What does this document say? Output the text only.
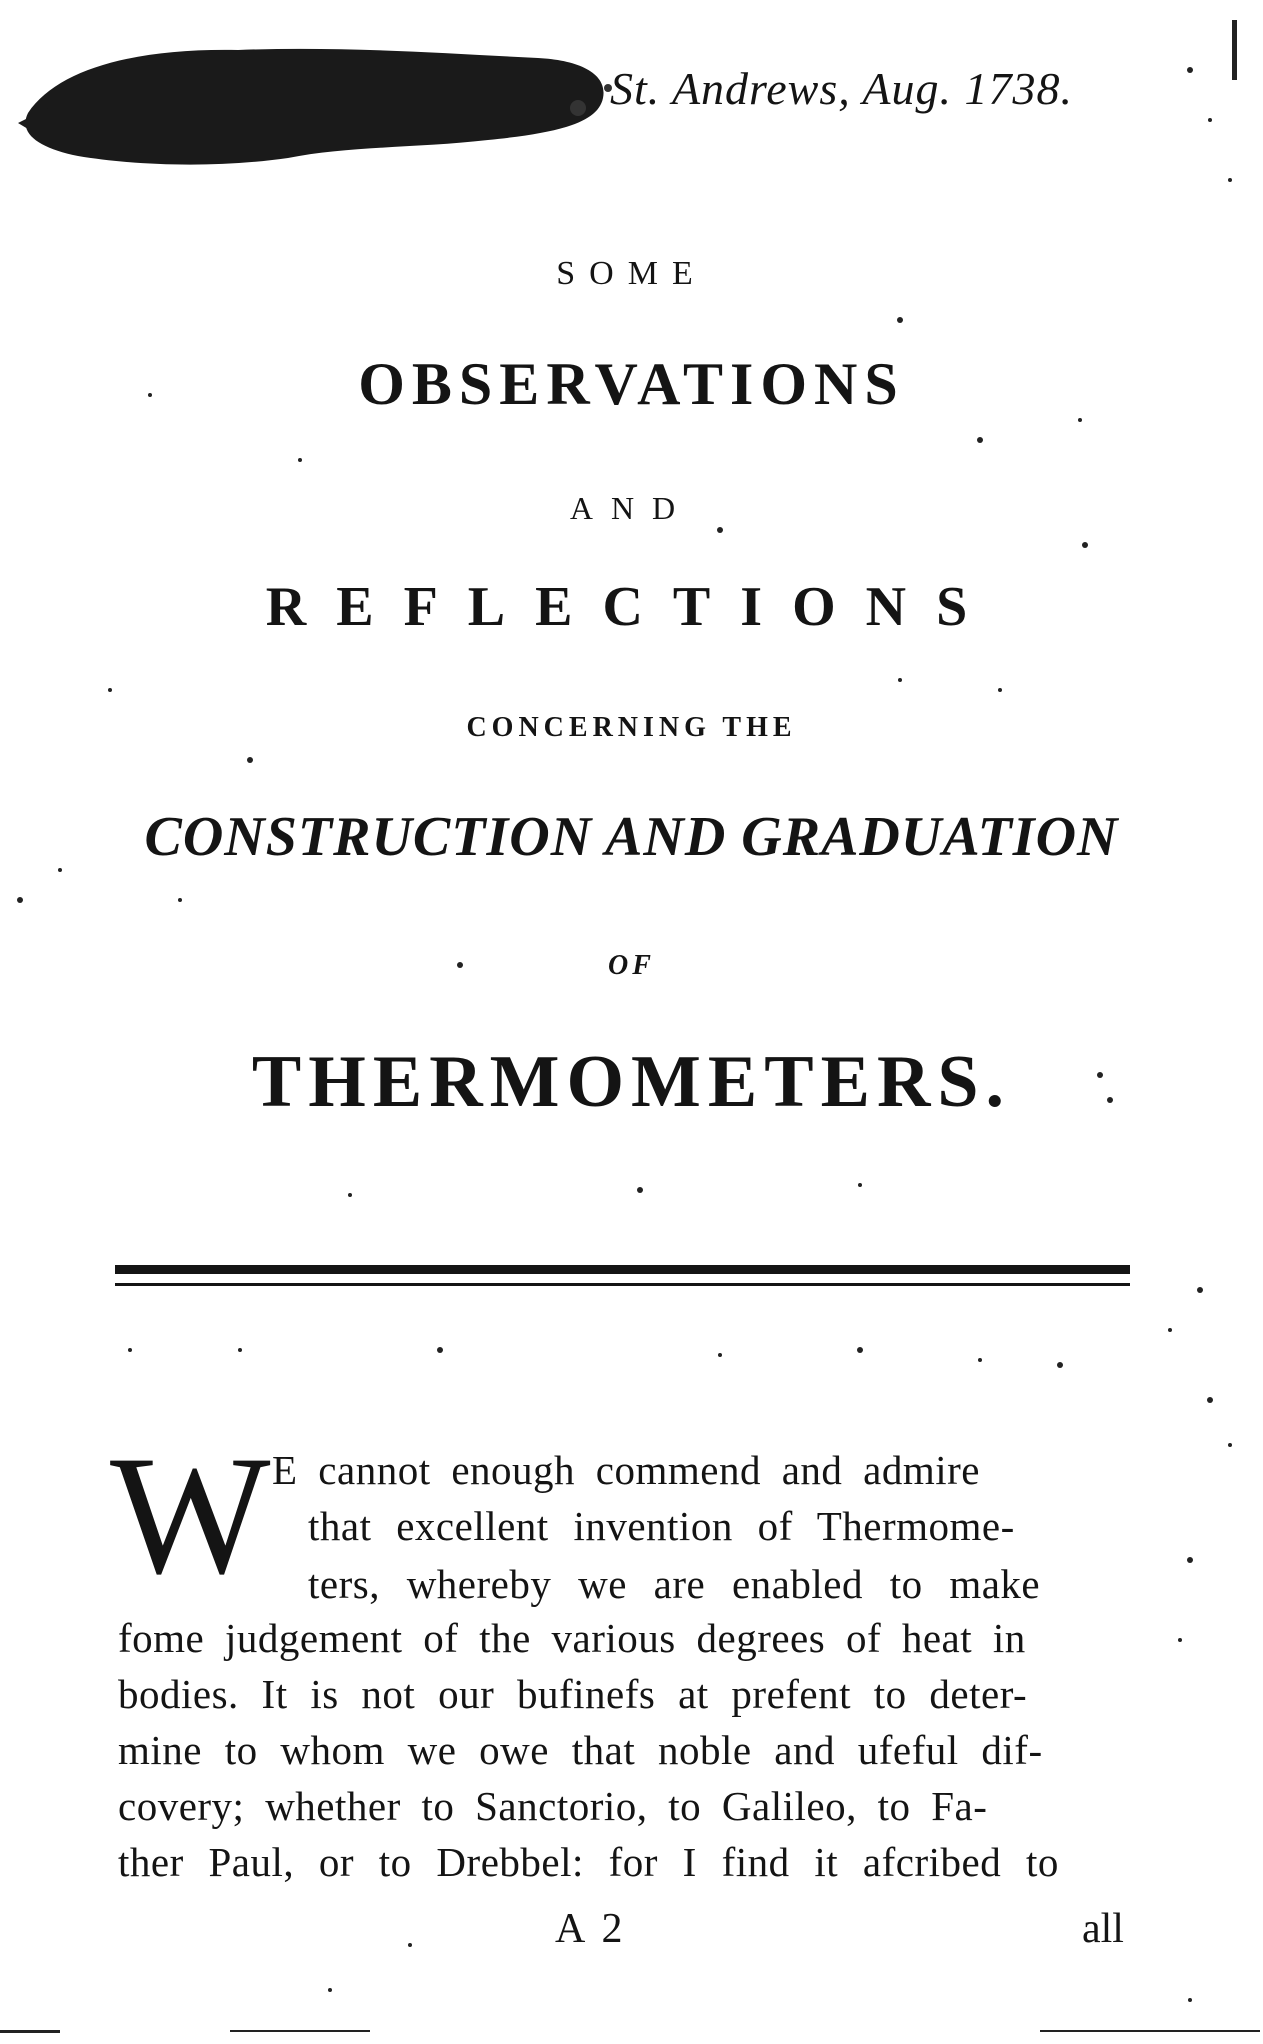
St. Andrews, Aug. 1738.
SOME
OBSERVATIONS
AND
REFLECTIONS
CONCERNING THE
CONSTRUCTION AND GRADUATION
OF
THERMOMETERS.
W E cannot enough commend and admire
that excellent invention of Thermome-
ters, whereby we are enabled to make
fome judgement of the various degrees of heat in
bodies. It is not our bufinefs at prefent to deter-
mine to whom we owe that noble and ufeful dif-
covery; whether to Sanctorio, to Galileo, to Fa-
ther Paul, or to Drebbel: for I find it afcribed to
A 2	all
